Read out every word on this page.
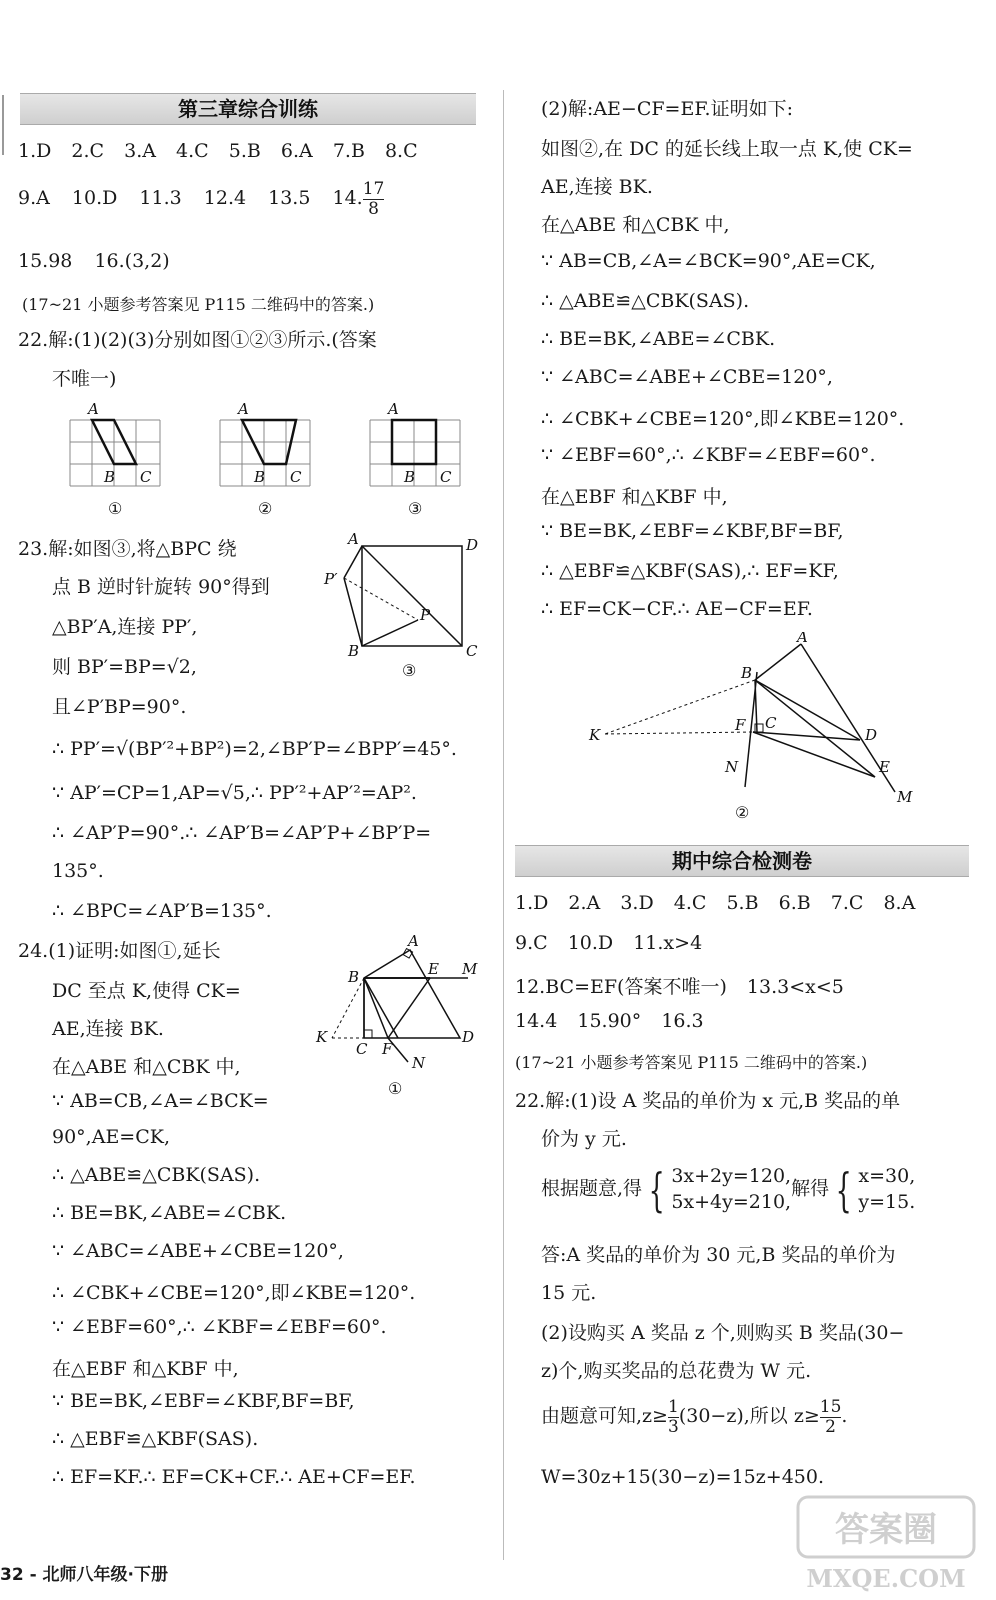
第三章综合训练
1.D 2.C 3.A 4.C 5.B 6.A 7.B 8.C
9.A 10.D 11.3 12.4 13.5 14. $\frac{17}{8}$
15.98 16.(3,2)
(17~21 小题参考答案见 P115 二维码中的答案.)
22.解:(1)(2)(3)分别如图①②③所示.(答案
不唯一)
A
B C
A
B C
A
B C
①	②	③
23.解:如图③,将△BPC 绕
点 B 逆时针旋转 90°得到
△BP′A,连接 PP′,
则 BP′=BP=√2,
且∠P′BP=90°.
∴ PP′=√(BP′²+BP²)=2,∠BP′P=∠BPP′=45°.
∵ AP′=CP=1,AP=√5,∴ PP′²+AP′²=AP².
∴ ∠AP′P=90°.∴ ∠AP′B=∠AP′P+∠BP′P=
135°.
∴ ∠BPC=∠AP′B=135°.
A	D
P′
P
B	C
③
24.(1)证明:如图①,延长
DC 至点 K,使得 CK=
AE,连接 BK.
在△ABE 和△CBK 中,
∵ AB=CB,∠A=∠BCK=
90°,AE=CK,
∴ △ABE≌△CBK(SAS).
∴ BE=BK,∠ABE=∠CBK.
∵ ∠ABC=∠ABE+∠CBE=120°,
∴ ∠CBK+∠CBE=120°,即∠KBE=120°.
∵ ∠EBF=60°,∴ ∠KBF=∠EBF=60°.
在△EBF 和△KBF 中,
∵ BE=BK,∠EBF=∠KBF,BF=BF,
∴ △EBF≌△KBF(SAS).
∴ EF=KF.∴ EF=CK+CF.∴ AE+CF=EF.
A
B	E M
K
C F
N
D
①
32 - 北师八年级·下册
(2)解:AE−CF=EF.证明如下:
如图②,在 DC 的延长线上取一点 K,使 CK=
AE,连接 BK.
在△ABE 和△CBK 中,
∵ AB=CB,∠A=∠BCK=90°,AE=CK,
∴ △ABE≌△CBK(SAS).
∴ BE=BK,∠ABE=∠CBK.
∵ ∠ABC=∠ABE+∠CBE=120°,
∴ ∠CBK+∠CBE=120°,即∠KBE=120°.
∵ ∠EBF=60°,∴ ∠KBF=∠EBF=60°.
在△EBF 和△KBF 中,
∵ BE=BK,∠EBF=∠KBF,BF=BF,
∴ △EBF≌△KBF(SAS),∴ EF=KF,
∴ EF=CK−CF.∴ AE−CF=EF.
A
B
K
F C
D
N	E
M
②
期中综合检测卷
1.D 2.A 3.D 4.C 5.B 6.B 7.C 8.A
9.C 10.D 11.x>4
12.BC=EF(答案不唯一) 13.3<x<5
14.4 15.90° 16.3
(17~21 小题参考答案见 P115 二维码中的答案.)
22.解:(1)设 A 奖品的单价为 x 元,B 奖品的单
价为 y 元.
根据题意,得 { 3x+2y=120,
5x+4y=210,解得 { x=30,
y=15.
答:A 奖品的单价为 30 元,B 奖品的单价为
15 元.
(2)设购买 A 奖品 z 个,则购买 B 奖品(30−
z)个,购买奖品的总花费为 W 元.
由题意可知$,z\ge \frac{1}{3} (30-z)$,所以 $z\ge \frac{15}{2}$ .
W=30z+15(30−z)=15z+450.
答案圈
MXQE.COM
